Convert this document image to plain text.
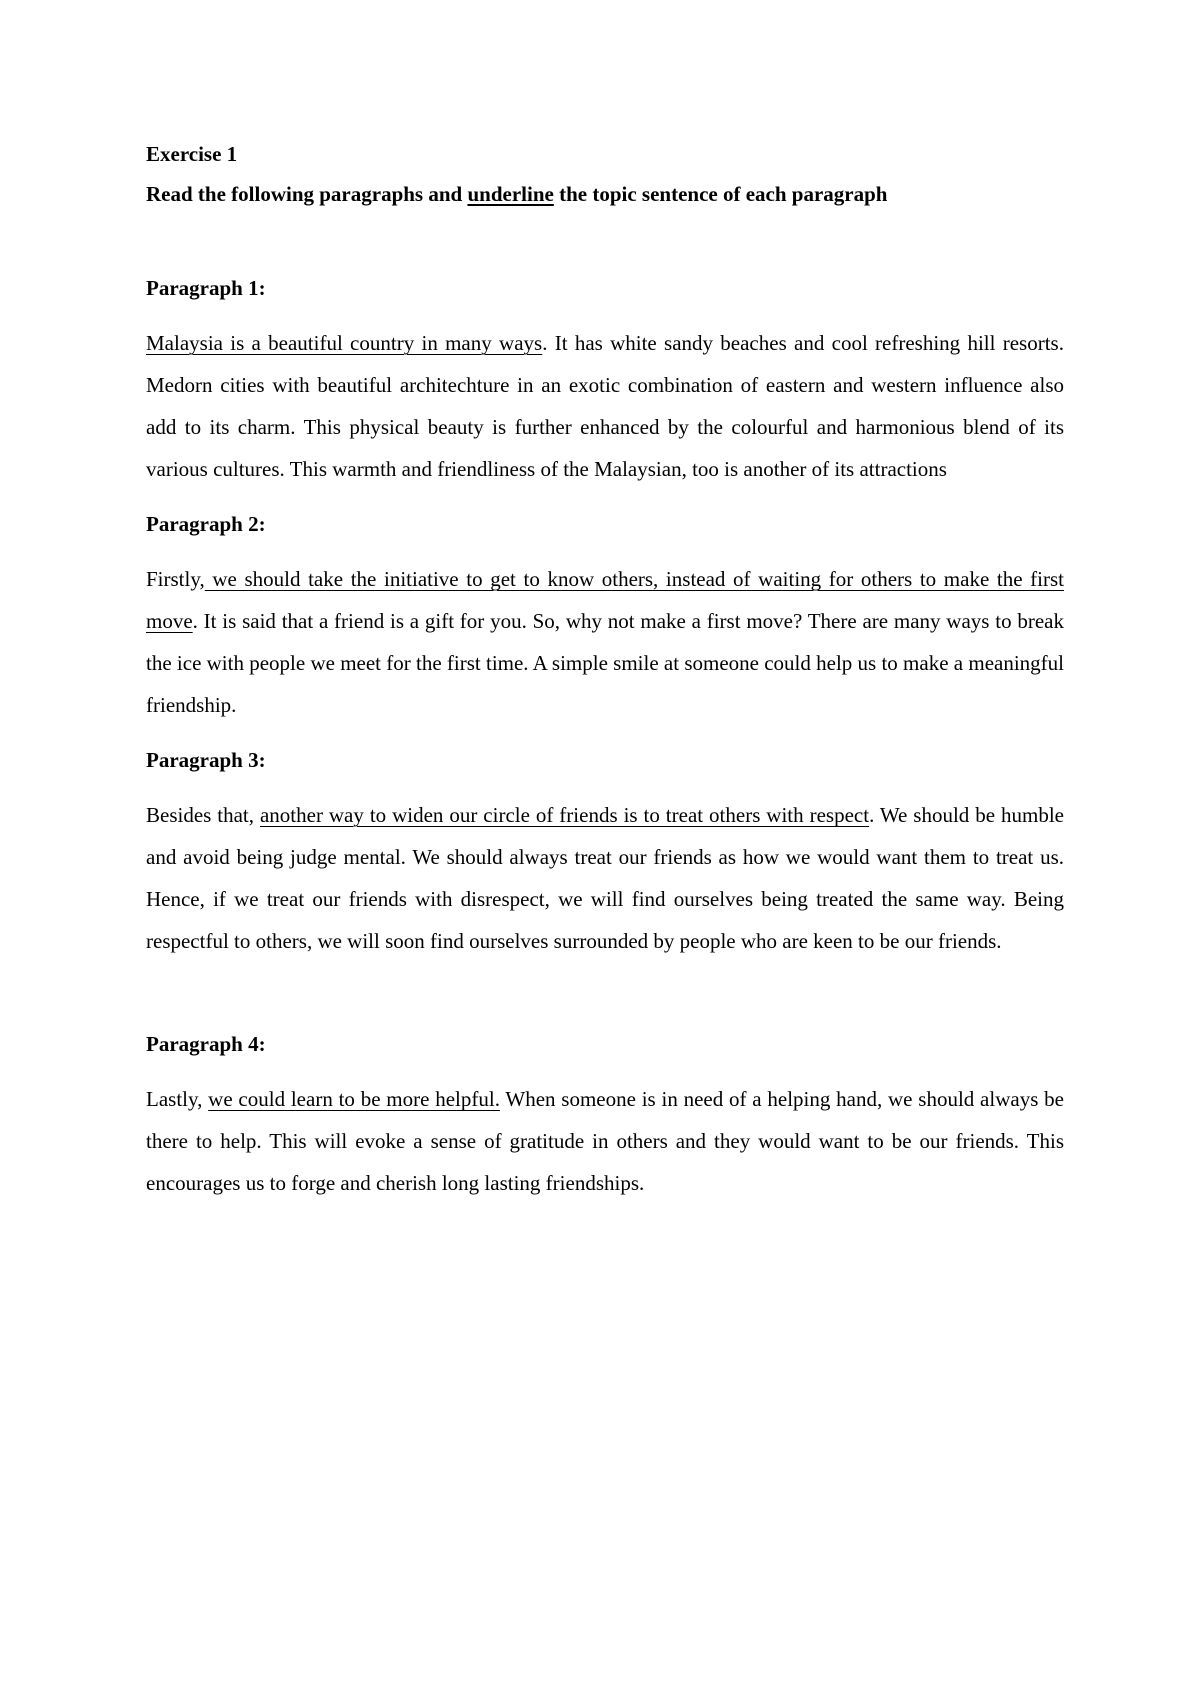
Exercise 1

Read the following paragraphs and underline the topic sentence of each paragraph

Paragraph 1:

Malaysia is a beautiful country in many ways. It has white sandy beaches and cool refreshing hill resorts. Medorn cities with beautiful architechture in an exotic combination of eastern and western influence also add to its charm. This physical beauty is further enhanced by the colourful and harmonious blend of its various cultures. This warmth and friendliness of the Malaysian, too is another of its attractions

Paragraph 2:

Firstly, we should take the initiative to get to know others, instead of waiting for others to make the first move. It is said that a friend is a gift for you. So, why not make a first move? There are many ways to break the ice with people we meet for the first time. A simple smile at someone could help us to make a meaningful friendship.

Paragraph 3:

Besides that, another way to widen our circle of friends is to treat others with respect. We should be humble and avoid being judge mental. We should always treat our friends as how we would want them to treat us. Hence, if we treat our friends with disrespect, we will find ourselves being treated the same way. Being respectful to others, we will soon find ourselves surrounded by people who are keen to be our friends.

Paragraph 4:

Lastly, we could learn to be more helpful. When someone is in need of a helping hand, we should always be there to help. This will evoke a sense of gratitude in others and they would want to be our friends. This encourages us to forge and cherish long lasting friendships.
